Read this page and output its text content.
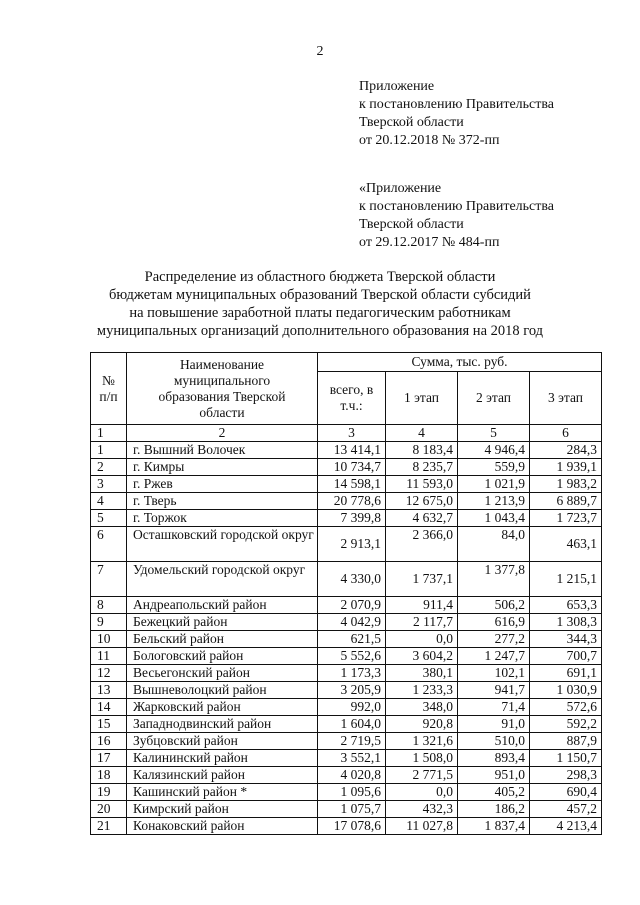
2
Приложение
к постановлению Правительства
Тверской области
от 20.12.2018 № 372-пп
«Приложение
к постановлению Правительства
Тверской области
от 29.12.2017 № 484-пп
Распределение из областного бюджета Тверской области
бюджетам муниципальных образований Тверской области субсидий
на повышение заработной платы педагогическим работникам
муниципальных организаций дополнительного образования на 2018 год
№ п/п	Наименование муниципального образования Тверской области	Сумма, тыс. руб.			
		всего, в т.ч.:	1 этап	2 этап	3 этап
1	2	3	4	5	6
1	г. Вышний Волочек	13 414,1	8 183,4	4 946,4	284,3
2	г. Кимры	10 734,7	8 235,7	559,9	1 939,1
3	г. Ржев	14 598,1	11 593,0	1 021,9	1 983,2
4	г. Тверь	20 778,6	12 675,0	1 213,9	6 889,7
5	г. Торжок	7 399,8	4 632,7	1 043,4	1 723,7
6	Осташковский городской округ	2 913,1	2 366,0	84,0	463,1
7	Удомельский городской округ	4 330,0	1 737,1	1 377,8	1 215,1
8	Андреапольский район	2 070,9	911,4	506,2	653,3
9	Бежецкий район	4 042,9	2 117,7	616,9	1 308,3
10	Бельский район	621,5	0,0	277,2	344,3
11	Бологовский район	5 552,6	3 604,2	1 247,7	700,7
12	Весьегонский район	1 173,3	380,1	102,1	691,1
13	Вышневолоцкий район	3 205,9	1 233,3	941,7	1 030,9
14	Жарковский район	992,0	348,0	71,4	572,6
15	Западнодвинский район	1 604,0	920,8	91,0	592,2
16	Зубцовский район	2 719,5	1 321,6	510,0	887,9
17	Калининский район	3 552,1	1 508,0	893,4	1 150,7
18	Калязинский район	4 020,8	2 771,5	951,0	298,3
19	Кашинский район *	1 095,6	0,0	405,2	690,4
20	Кимрский район	1 075,7	432,3	186,2	457,2
21	Конаковский район	17 078,6	11 027,8	1 837,4	4 213,4
